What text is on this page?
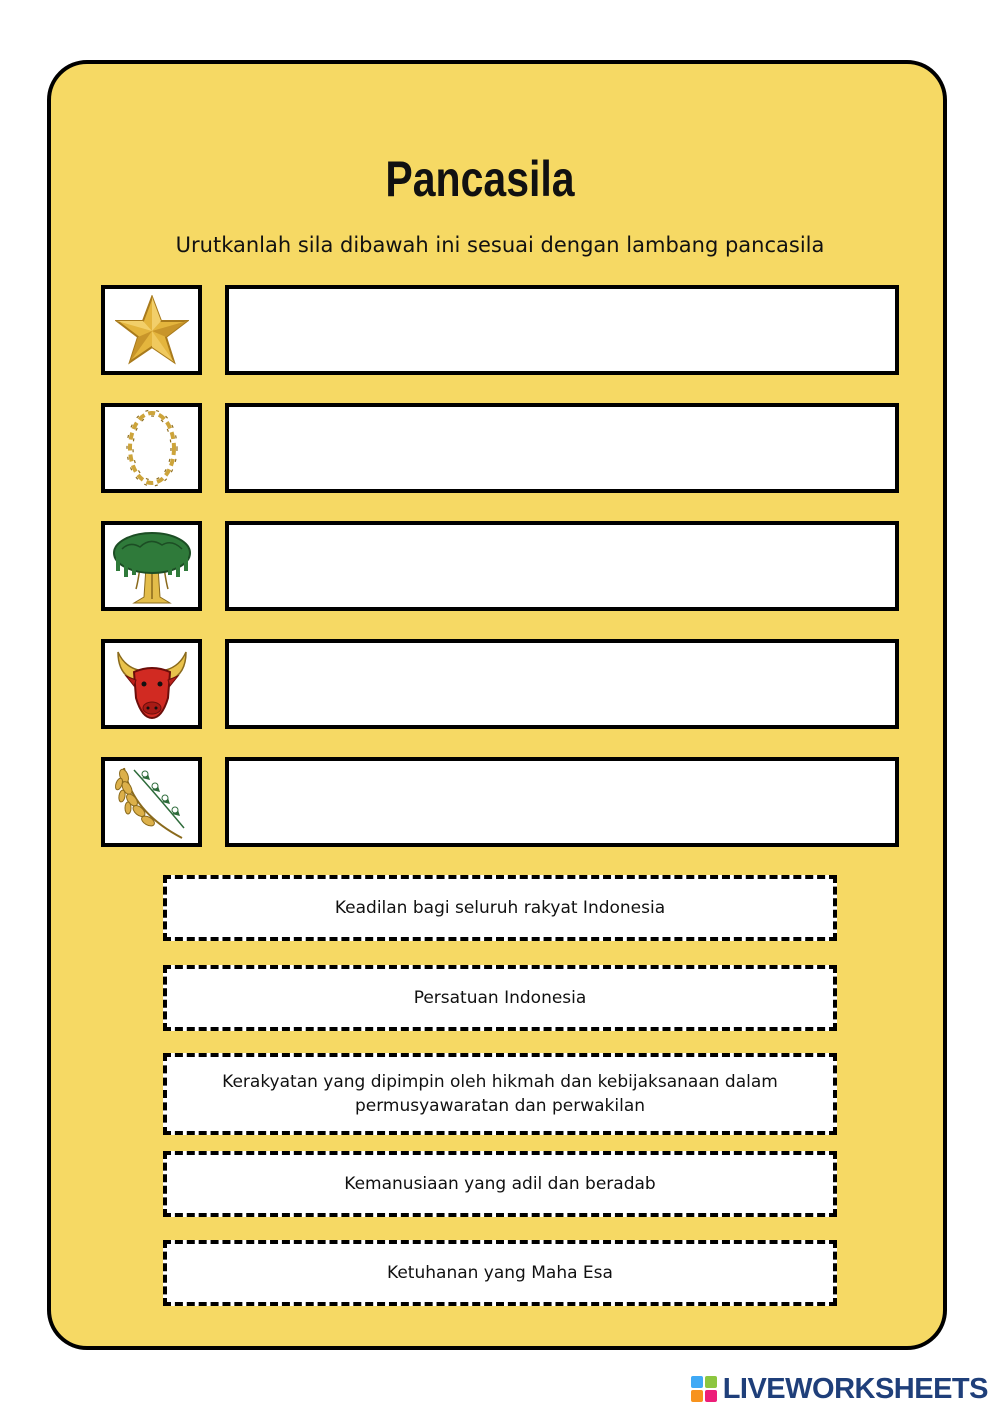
Pancasila
Urutkanlah sila dibawah ini sesuai dengan lambang pancasila
Keadilan bagi seluruh rakyat Indonesia
Persatuan Indonesia
Kerakyatan yang dipimpin oleh hikmah dan kebijaksanaan dalam permusyawaratan dan perwakilan
Kemanusiaan yang adil dan beradab
Ketuhanan yang Maha Esa
LIVEWORKSHEETS
